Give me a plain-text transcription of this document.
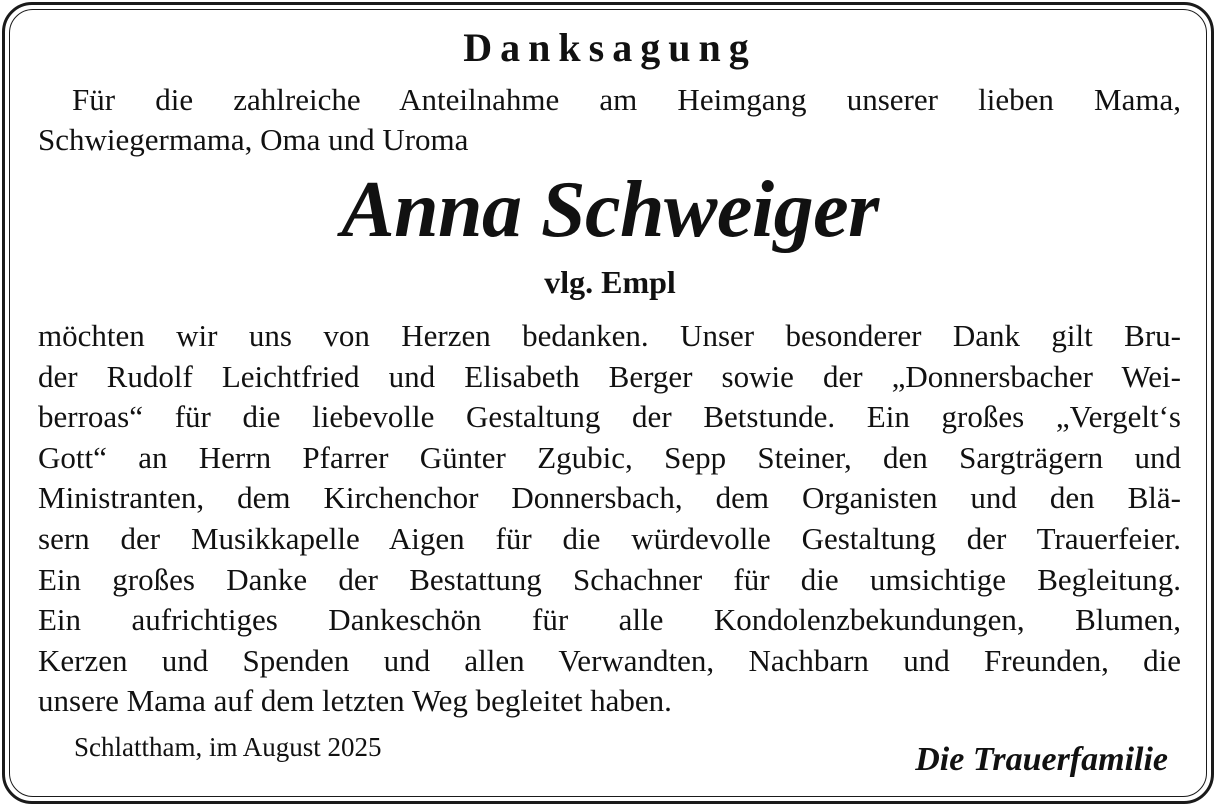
Danksagung
Für die zahlreiche Anteilnahme am Heimgang unserer lieben Mama,
Schwiegermama, Oma und Uroma
Anna Schweiger
vlg. Empl
möchten wir uns von Herzen bedanken. Unser besonderer Dank gilt Bru-
der Rudolf Leichtfried und Elisabeth Berger sowie der „Donnersbacher Wei-
berroas“ für die liebevolle Gestaltung der Betstunde. Ein großes „Vergelt‘s
Gott“ an Herrn Pfarrer Günter Zgubic, Sepp Steiner, den Sargträgern und
Ministranten, dem Kirchenchor Donnersbach, dem Organisten und den Blä-
sern der Musikkapelle Aigen für die würdevolle Gestaltung der Trauerfeier.
Ein großes Danke der Bestattung Schachner für die umsichtige Begleitung.
Ein aufrichtiges Dankeschön für alle Kondolenzbekundungen, Blumen,
Kerzen und Spenden und allen Verwandten, Nachbarn und Freunden, die
unsere Mama auf dem letzten Weg begleitet haben.
Schlattham, im August 2025	Die Trauerfamilie
